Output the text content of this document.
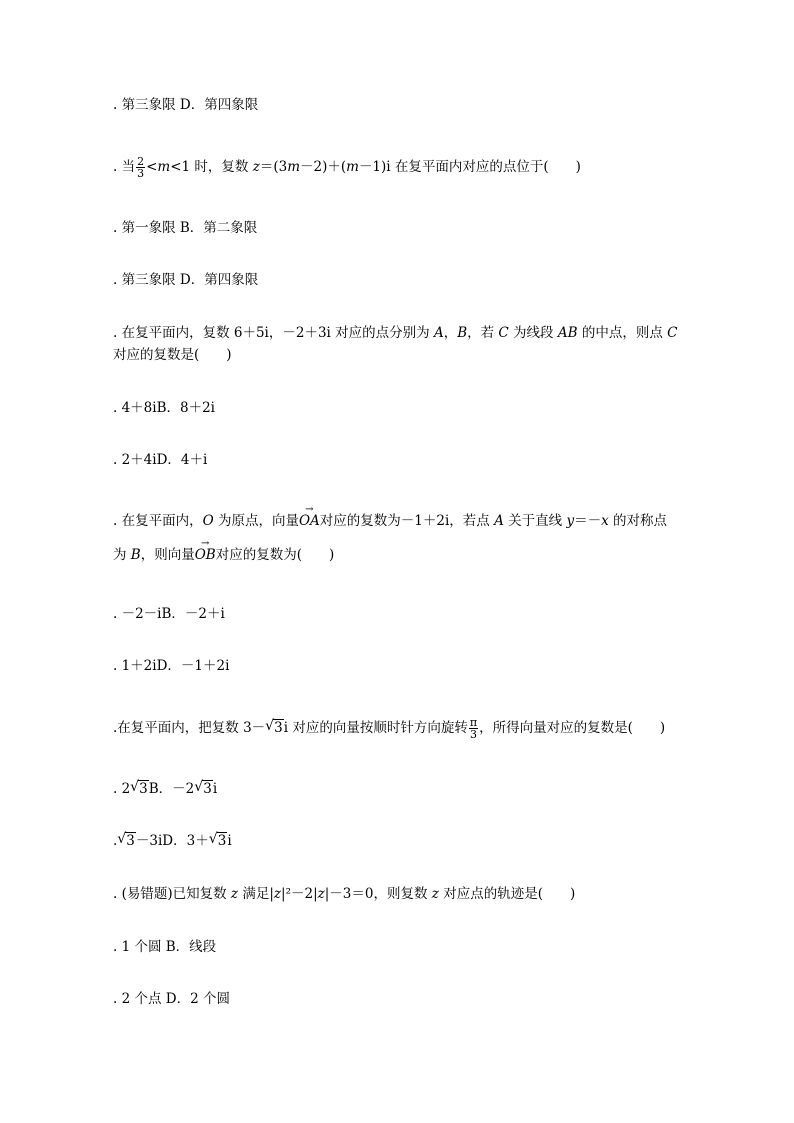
. 第三象限 D．第四象限
. 当 $\frac{2}{3} <m<1$ 时，复数 z＝(3m－2)＋(m－1)i 在复平面内对应的点位于(　　)
. 第一象限 B．第二象限
. 第三象限 D．第四象限
. 在复平面内，复数 6＋5i，－2＋3i 对应的点分别为 A，B，若 C 为线段 AB 的中点，则点 C
对应的复数是(　　)
. 4＋8iB．8＋2i
. 2＋4iD．4＋i
. 在复平面内，O 为原点，向量→ OA对应的复数为－1＋2i，若点 A 关于直线 y＝－x 的对称点
为 B，则向量→ OB对应的复数为(　　)
. －2－iB．－2＋i
. 1＋2iD．－1＋2i
.在复平面内，把复数 3－ √ 3i 对应的向量按顺时针方向旋转 $\frac{\pi}{3}$ ，所得向量对应的复数是(　　)
. 2 √ 3B．－2 √ 3i
. √ 3－3iD．3＋ √ 3i
. (易错题)已知复数 z 满足|z|²－2|z|－3＝0，则复数 z 对应点的轨迹是(　　)
. 1 个圆 B．线段
. 2 个点 D．2 个圆
